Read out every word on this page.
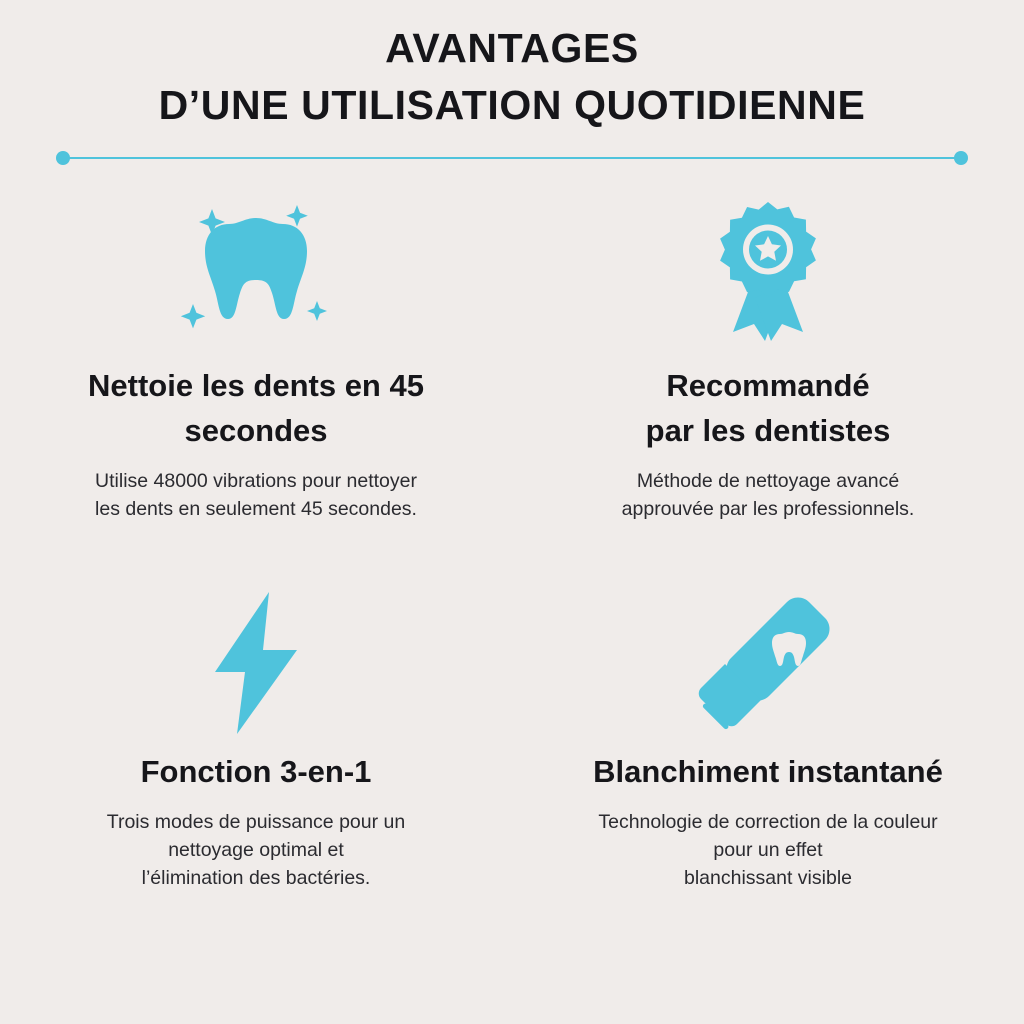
AVANTAGES
D’UNE UTILISATION QUOTIDIENNE
Nettoie les dents en 45
secondes
Utilise 48000 vibrations pour nettoyer
les dents en seulement 45 secondes.
Recommandé
par les dentistes
Méthode de nettoyage avancé
approuvée par les professionnels.
Fonction 3-en-1
Trois modes de puissance pour un
nettoyage optimal et
l’élimination des bactéries.
Blanchiment instantané
Technologie de correction de la couleur
pour un effet
blanchissant visible
